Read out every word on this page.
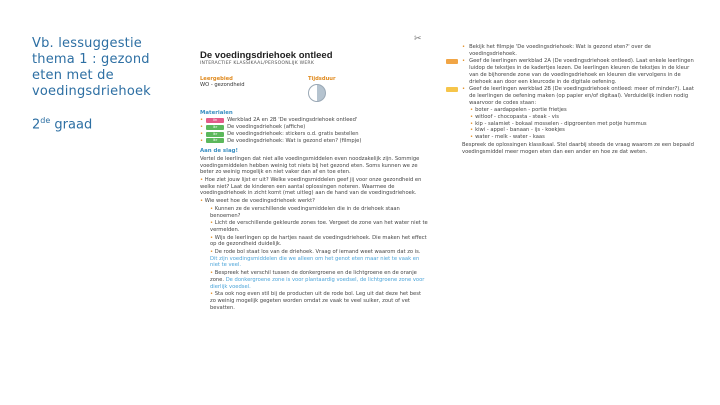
Vb. lessuggestie thema 1 : gezond eten met de voedingsdriehoek
2de graad
✂
De voedingsdriehoek ontleed
INTERACTIEF KLASSIKAAL/PERSOONLIJK WERK
Leergebied
WO - gezondheid
Tijdsduur
Materialen
•	lln	Werkblad 2A en 2B 'De voedingsdriehoek ontleed'
•	lkr	De voedingsdriehoek (affiche)
•	lkr	De voedingsdriehoek: stickers o.d. gratis bestellen
•	lkr	De voedingsdriehoek: Wat is gezond eten? (filmpje)
Aan de slag!
Vertel de leerlingen dat niet alle voedingsmiddelen even noodzakelijk zijn. Sommige voedingsmiddelen hebben weinig tot niets bij het gezond eten. Soms kunnen we ze beter zo weinig mogelijk en niet vaker dan af en toe eten.
• Hoe ziet jouw lijst er uit? Welke voedingsmiddelen geef jij voor onze gezondheid en welke niet? Laat de kinderen een aantal oplossingen noteren. Waarmee de voedingsdriehoek in zicht komt (met uitleg) aan de hand van de voedingsdriehoek.
• Wie weet hoe de voedingsdriehoek werkt?
• Kunnen ze de verschillende voedingsmiddelen die in de driehoek staan benoemen?
• Licht de verschillende gekleurde zones toe. Vergeet de zone van het water niet te vermelden.
• Wijs de leerlingen op de hartjes naast de voedingsdriehoek. Die maken het effect op de gezondheid duidelijk.
• De rode bol staat los van de driehoek. Vraag of iemand weet waarom dat zo is. Dit zijn voedingsmiddelen die we alleen om het genot eten maar niet te vaak en niet te veel.
• Bespreek het verschil tussen de donkergroene en de lichtgroene en de oranje zone. De donkergroene zone is voor plantaardig voedsel, de lichtgroene zone voor dierlijk voedsel.
• Sta ook nog even stil bij de producten uit de rode bol. Leg uit dat deze het best zo weinig mogelijk gegeten worden omdat ze vaak te veel suiker, zout of vet bevatten.
• Bekijk het filmpje 'De voedingsdriehoek: Wat is gezond eten?' over de voedingsdriehoek.
• Geef de leerlingen werkblad 2A (De voedingsdriehoek ontleed). Laat enkele leerlingen luidop de tekstjes in de kadertjes lezen. De leerlingen kleuren de tekstjes in de kleur van de bijhorende zone van de voedingsdriehoek en kleuren die vervolgens in de driehoek aan door een kleurcode in de digitale oefening.
• Geef de leerlingen werkblad 2B (De voedingsdriehoek ontleed: meer of minder?). Laat de leerlingen de oefening maken (op papier en/of digitaal). Verduidelijk indien nodig waarvoor de codes staan:
• boter - aardappelen - portie frietjes
• witloof - chocopasta - steak - vis
• kip - salamiet - bokaal mosselen - dipgroenten met potje hummus
• kiwi - appel - banaan - ijs - koekjes
• water - melk - water - kaas
Bespreek de oplossingen klassikaal. Stel daarbij steeds de vraag waarom ze een bepaald voedingsmiddel meer mogen eten dan een ander en hoe ze dat weten.
